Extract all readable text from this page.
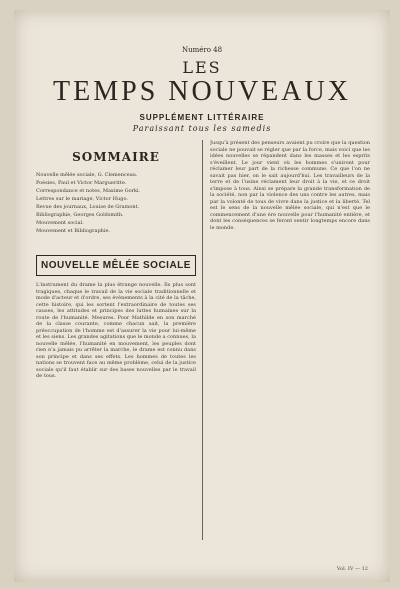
Numéro 48
LES
TEMPS NOUVEAUX
SUPPLÉMENT LITTÉRAIRE
Paraissant tous les samedis
SOMMAIRE
Nouvelle mêlée sociale, G. Clemenceau.
Poésies, Paul et Victor Margueritte.
Correspondance et notes, Maxime Gorki.
Lettres sur le mariage, Victor Hugo.
Revue des journaux, Louise de Gramont.
Bibliographie, Georges Goldsmith.
Mouvement social.
Mouvement et Bibliographie.
NOUVELLE MÊLÉE SOCIALE
L'instrument du drame la plus étrange nouvelle. Ils plus sont tragiques, chaque le travail de la vie sociale traditionnelle et mode d'acteur et d'ordre, ses évènements à la cité de la tâche, cette histoire, qui les sortent l'extraordinaire de toutes ses causes, les attitudes et principes des luttes humaines sur la route de l'humanité. Mesures. Pour Mathilde en son marché de la classe courante, comme chacun sait, la première préoccupation de l'homme est d'assurer la vie pour lui-même et les siens. Les grandes agitations que le monde a connues, la nouvelle mêlée, l'humanité en mouvement, les peuples dont rien n'a jamais pu arrêter la marche, le drame est connu dans son principe et dans ses effets. Les hommes de toutes les nations se trouvent face au même problème, celui de la justice sociale qu'il faut établir sur des bases nouvelles par le travail de tous.
Jusqu'à présent des penseurs avaient pu croire que la question sociale ne pouvait se régler que par la force, mais voici que les idées nouvelles se répandent dans les masses et les esprits s'éveillent. Le jour vient où les hommes s'uniront pour réclamer leur part de la richesse commune. Ce que l'on ne savait pas hier, on le sait aujourd'hui. Les travailleurs de la terre et de l'usine réclament leur droit à la vie, et ce droit s'impose à tous. Ainsi se prépare la grande transformation de la société, non par la violence des uns contre les autres, mais par la volonté de tous de vivre dans la justice et la liberté. Tel est le sens de la nouvelle mêlée sociale, qui n'est que le commencement d'une ère nouvelle pour l'humanité entière, et dont les conséquences se feront sentir longtemps encore dans le monde.
Vol. IV — 12
